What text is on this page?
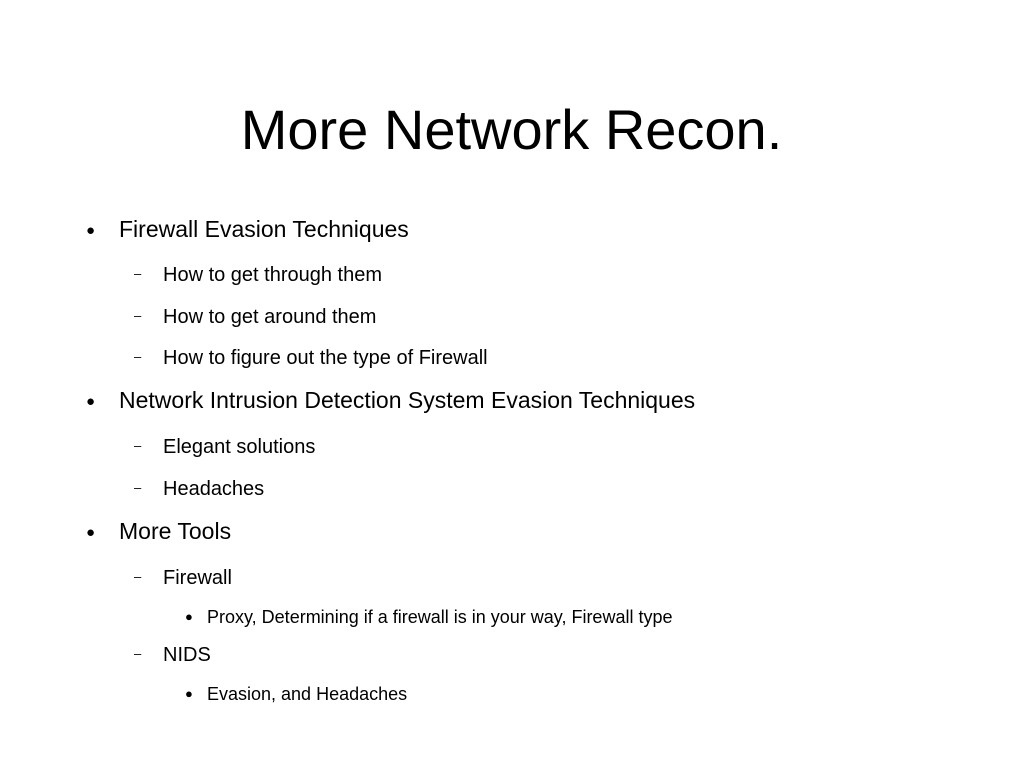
More Network Recon.
● Firewall Evasion Techniques
– How to get through them
– How to get around them
– How to figure out the type of Firewall
● Network Intrusion Detection System Evasion Techniques
– Elegant solutions
– Headaches
● More Tools
– Firewall
● Proxy, Determining if a firewall is in your way, Firewall type
– NIDS
● Evasion, and Headaches
